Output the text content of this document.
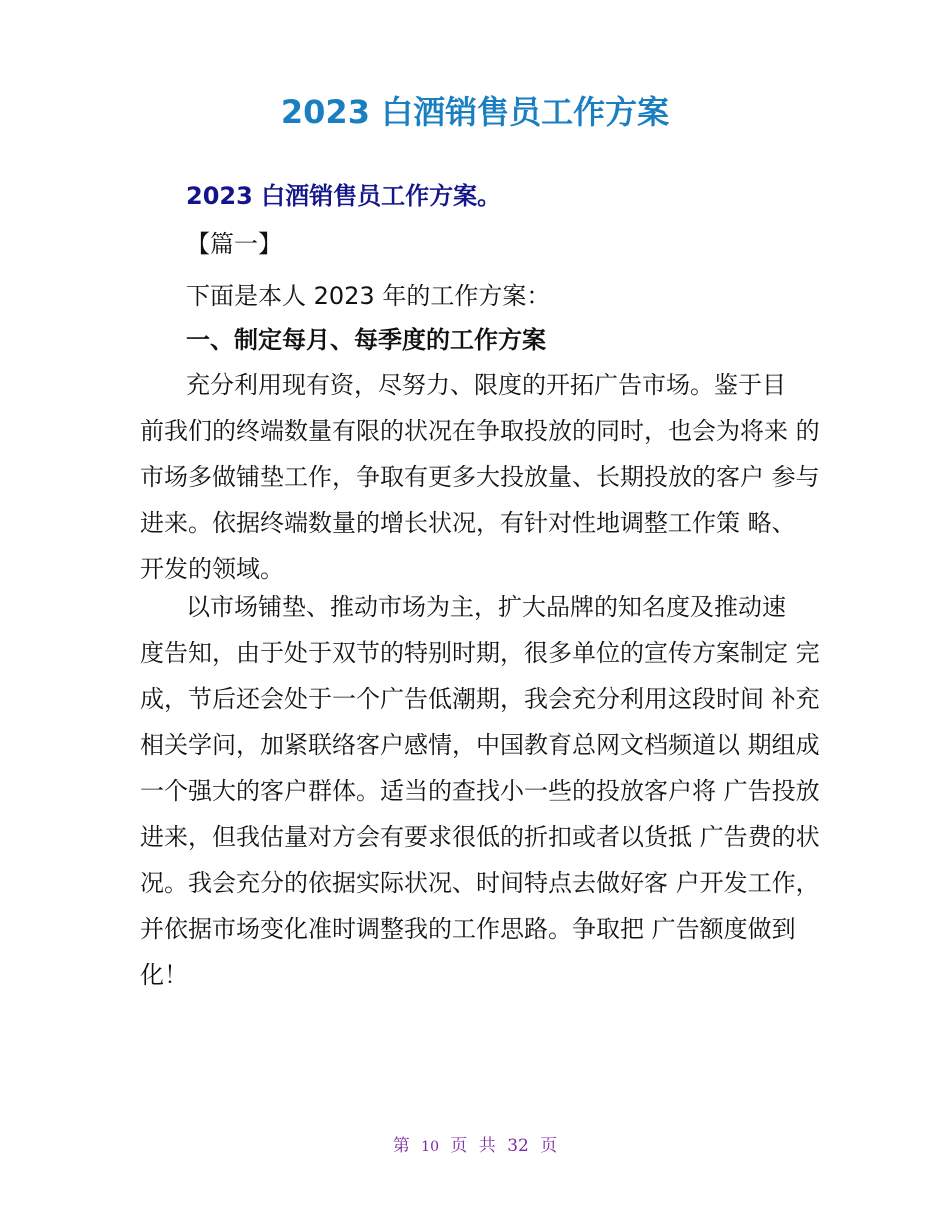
2023 白酒销售员工作方案
2023 白酒销售员工作方案。
【篇一】
下面是本人 2023 年的工作方案：
一、制定每月、每季度的工作方案

充分利用现有资，尽努力、限度的开拓广告市场。鉴于目

前我们的终端数量有限的状况在争取投放的同时，也会为将来 的

市场多做铺垫工作，争取有更多大投放量、长期投放的客户 参与

进来。依据终端数量的增长状况，有针对性地调整工作策 略、

开发的领域。

以市场铺垫、推动市场为主，扩大品牌的知名度及推动速

度告知，由于处于双节的特别时期，很多单位的宣传方案制定 完

成，节后还会处于一个广告低潮期，我会充分利用这段时间 补充

相关学问，加紧联络客户感情，中国教育总网文档频道以 期组成

一个强大的客户群体。适当的查找小一些的投放客户将 广告投放

进来，但我估量对方会有要求很低的折扣或者以货抵 广告费的状

况。我会充分的依据实际状况、时间特点去做好客 户开发工作，

并依据市场变化准时调整我的工作思路。争取把 广告额度做到

化！

第 10 页 共 32 页
